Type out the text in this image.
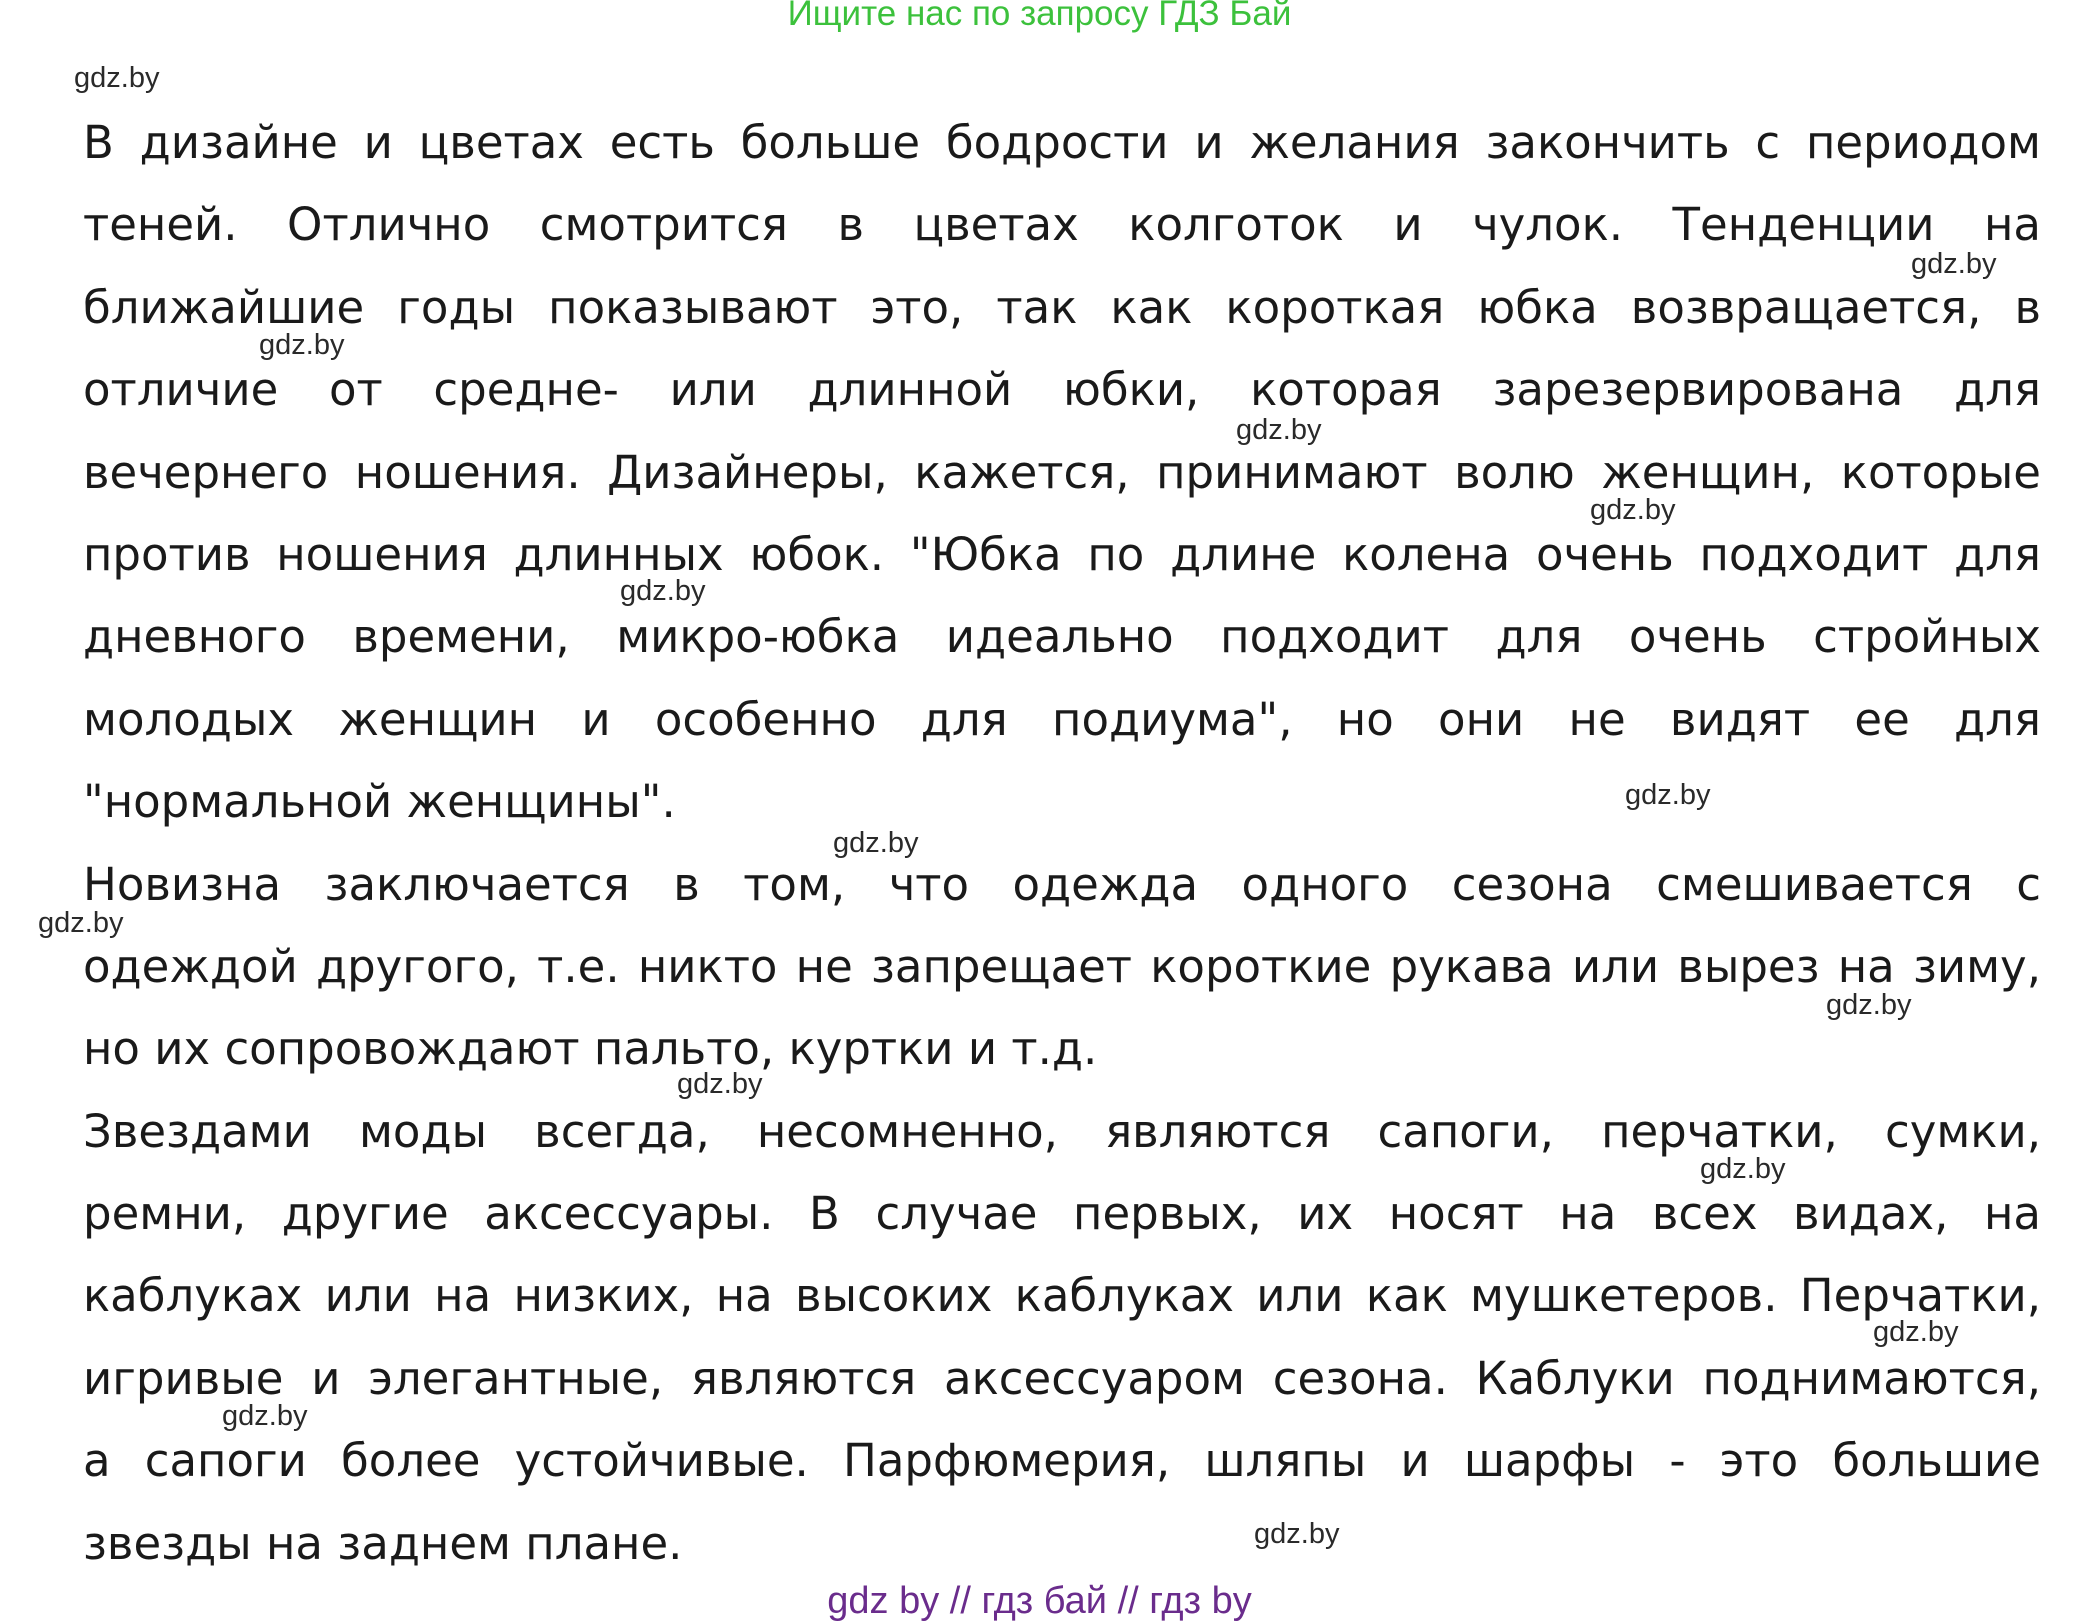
Ищите нас по запросу ГДЗ Бай
gdz.by
gdz.by
gdz.by
gdz.by
gdz.by
gdz.by
gdz.by
gdz.by
gdz.by
gdz.by
gdz.by
gdz.by
gdz.by
gdz.by
gdz.by
В дизайне и цветах есть больше бодрости и желания закончить с периодом
теней. Отлично смотрится в цветах колготок и чулок. Тенденции на
ближайшие годы показывают это, так как короткая юбка возвращается, в
отличие от средне- или длинной юбки, которая зарезервирована для
вечернего ношения. Дизайнеры, кажется, принимают волю женщин, которые
против ношения длинных юбок. "Юбка по длине колена очень подходит для
дневного времени, микро-юбка идеально подходит для очень стройных
молодых женщин и особенно для подиума", но они не видят ее для
"нормальной женщины".
Новизна заключается в том, что одежда одного сезона смешивается с
одеждой другого, т.е. никто не запрещает короткие рукава или вырез на зиму,
но их сопровождают пальто, куртки и т.д.
Звездами моды всегда, несомненно, являются сапоги, перчатки, сумки,
ремни, другие аксессуары. В случае первых, их носят на всех видах, на
каблуках или на низких, на высоких каблуках или как мушкетеров. Перчатки,
игривые и элегантные, являются аксессуаром сезона. Каблуки поднимаются,
а сапоги более устойчивые. Парфюмерия, шляпы и шарфы - это большие
звезды на заднем плане.
gdz by // гдз бай // гдз by
